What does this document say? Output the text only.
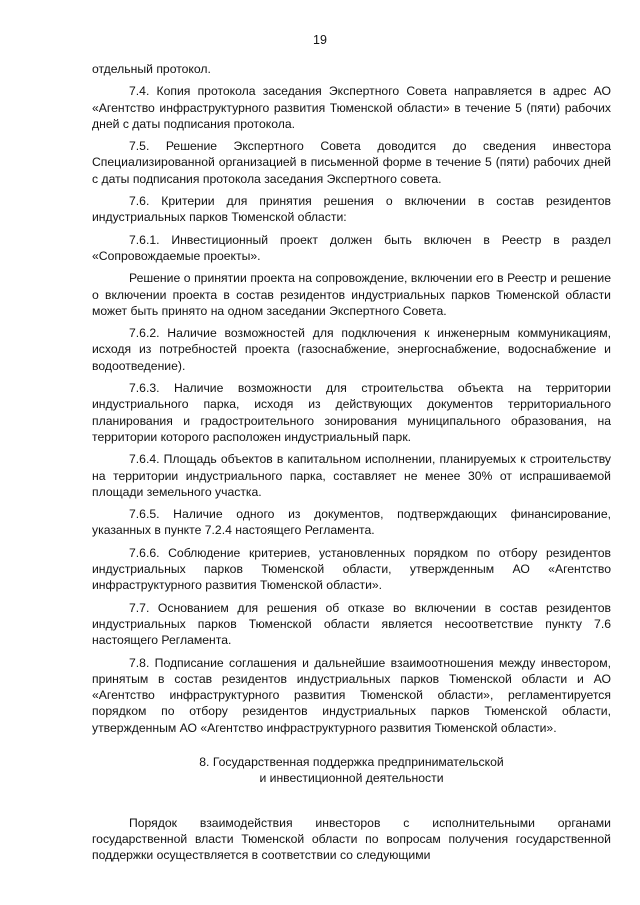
19

отдельный протокол.

7.4. Копия протокола заседания Экспертного Совета направляется в адрес АО «Агентство инфраструктурного развития Тюменской области» в течение 5 (пяти) рабочих дней с даты подписания протокола.

7.5. Решение Экспертного Совета доводится до сведения инвестора Специализированной организацией в письменной форме в течение 5 (пяти) рабочих дней с даты подписания протокола заседания Экспертного совета.

7.6. Критерии для принятия решения о включении в состав резидентов индустриальных парков Тюменской области:

7.6.1. Инвестиционный проект должен быть включен в Реестр в раздел «Сопровождаемые проекты».

Решение о принятии проекта на сопровождение, включении его в Реестр и решение о включении проекта в состав резидентов индустриальных парков Тюменской области может быть принято на одном заседании Экспертного Совета.

7.6.2. Наличие возможностей для подключения к инженерным коммуникациям, исходя из потребностей проекта (газоснабжение, энергоснабжение, водоснабжение и водоотведение).

7.6.3. Наличие возможности для строительства объекта на территории индустриального парка, исходя из действующих документов территориального планирования и градостроительного зонирования муниципального образования, на территории которого расположен индустриальный парк.

7.6.4. Площадь объектов в капитальном исполнении, планируемых к строительству на территории индустриального парка, составляет не менее 30% от испрашиваемой площади земельного участка.

7.6.5. Наличие одного из документов, подтверждающих финансирование, указанных в пункте 7.2.4 настоящего Регламента.

7.6.6. Соблюдение критериев, установленных порядком по отбору резидентов индустриальных парков Тюменской области, утвержденным АО «Агентство инфраструктурного развития Тюменской области».

7.7. Основанием для решения об отказе во включении в состав резидентов индустриальных парков Тюменской области является несоответствие пункту 7.6 настоящего Регламента.

7.8. Подписание соглашения и дальнейшие взаимоотношения между инвестором, принятым в состав резидентов индустриальных парков Тюменской области и АО «Агентство инфраструктурного развития Тюменской области», регламентируется порядком по отбору резидентов индустриальных парков Тюменской области, утвержденным АО «Агентство инфраструктурного развития Тюменской области».

8. Государственная поддержка предпринимательской
и инвестиционной деятельности

Порядок взаимодействия инвесторов с исполнительными органами государственной власти Тюменской области по вопросам получения государственной поддержки осуществляется в соответствии со следующими
